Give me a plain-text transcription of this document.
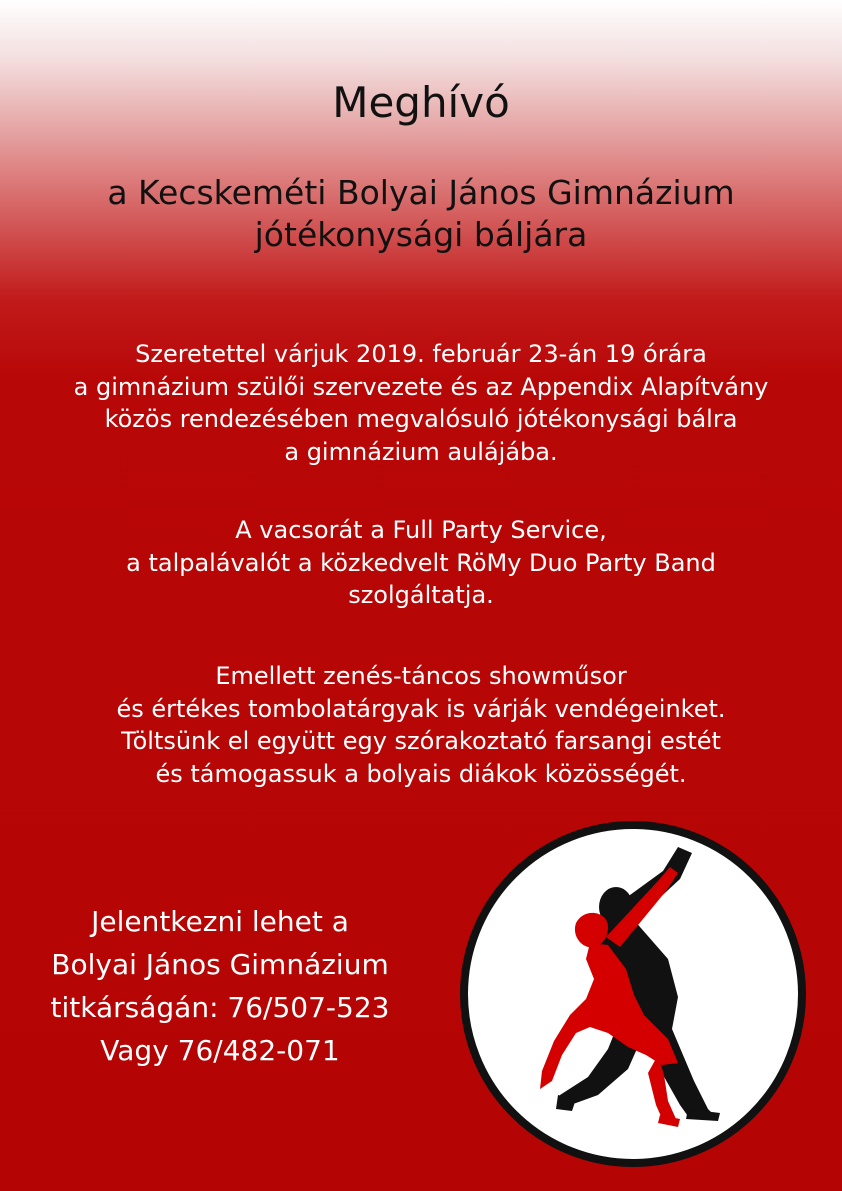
Meghívó
a Kecskeméti Bolyai János Gimnázium
jótékonysági báljára
Szeretettel várjuk 2019. február 23-án 19 órára
a gimnázium szülői szervezete és az Appendix Alapítvány
közös rendezésében megvalósuló jótékonysági bálra
a gimnázium aulájába.
A vacsorát a Full Party Service,
a talpalávalót a közkedvelt RöMy Duo Party Band
szolgáltatja.
Emellett zenés-táncos showműsor
és értékes tombolatárgyak is várják vendégeinket.
Töltsünk el együtt egy szórakoztató farsangi estét
és támogassuk a bolyais diákok közösségét.
Jelentkezni lehet a
Bolyai János Gimnázium
titkárságán: 76/507-523
Vagy 76/482-071
